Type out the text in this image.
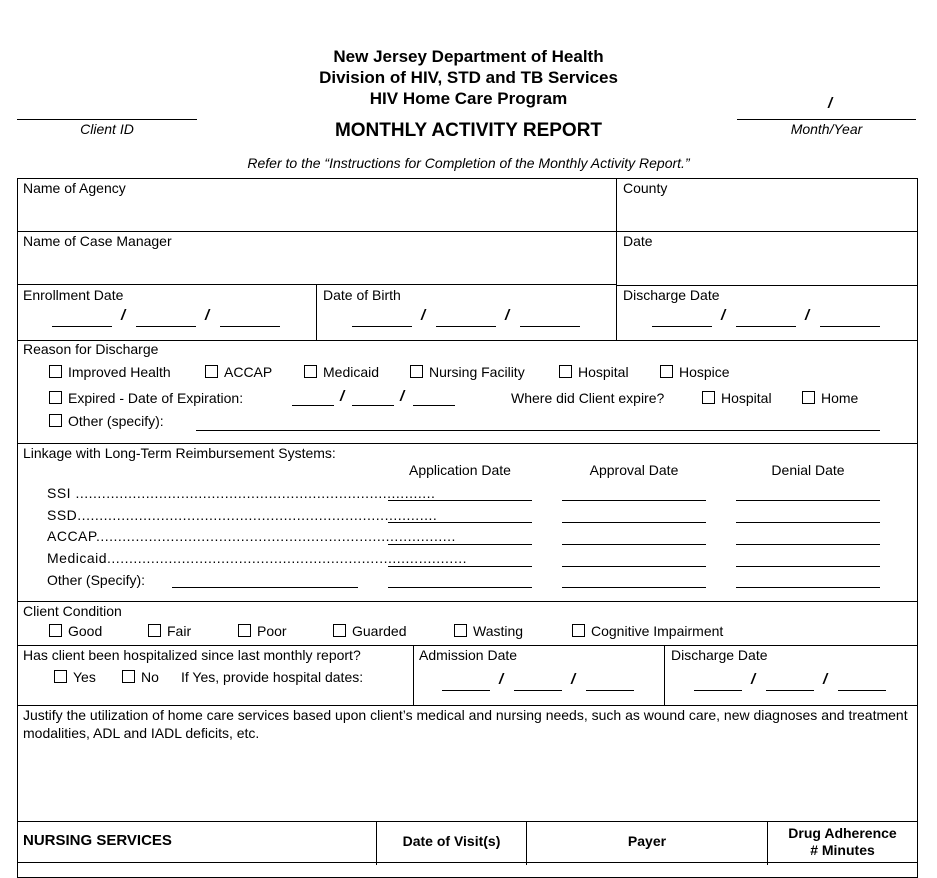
New Jersey Department of Health
Division of HIV, STD and TB Services
HIV Home Care Program
MONTHLY ACTIVITY REPORT
Client ID
/
Month/Year
Refer to the “Instructions for Completion of the Monthly Activity Report.”
Name of Agency	County
Name of Case Manager	Date
Enrollment Date	Date of Birth	Discharge Date
/	/	/	/	/	/
Reason for Discharge
Improved Health	ACCAP	Medicaid	Nursing Facility	Hospital	Hospice
Expired - Date of Expiration:	/	/	Where did Client expire?	Hospital	Home
Other (specify):
Linkage with Long-Term Reimbursement Systems:
Application Date	Approval Date	Denial Date
SSI ..................................................................................
SSD..................................................................................
ACCAP..................................................................................
Medicaid..................................................................................
Other (Specify):
Client Condition
Good	Fair	Poor	Guarded	Wasting	Cognitive Impairment
Has client been hospitalized since last monthly report?
Yes	No If Yes, provide hospital dates:
Admission Date
/	/
Discharge Date
/	/
Justify the utilization of home care services based upon client’s medical and nursing needs, such as wound care, new diagnoses and treatment modalities, ADL and IADL deficits, etc.
NURSING SERVICES	Date of Visit(s)	Payer	Drug Adherence
# Minutes
